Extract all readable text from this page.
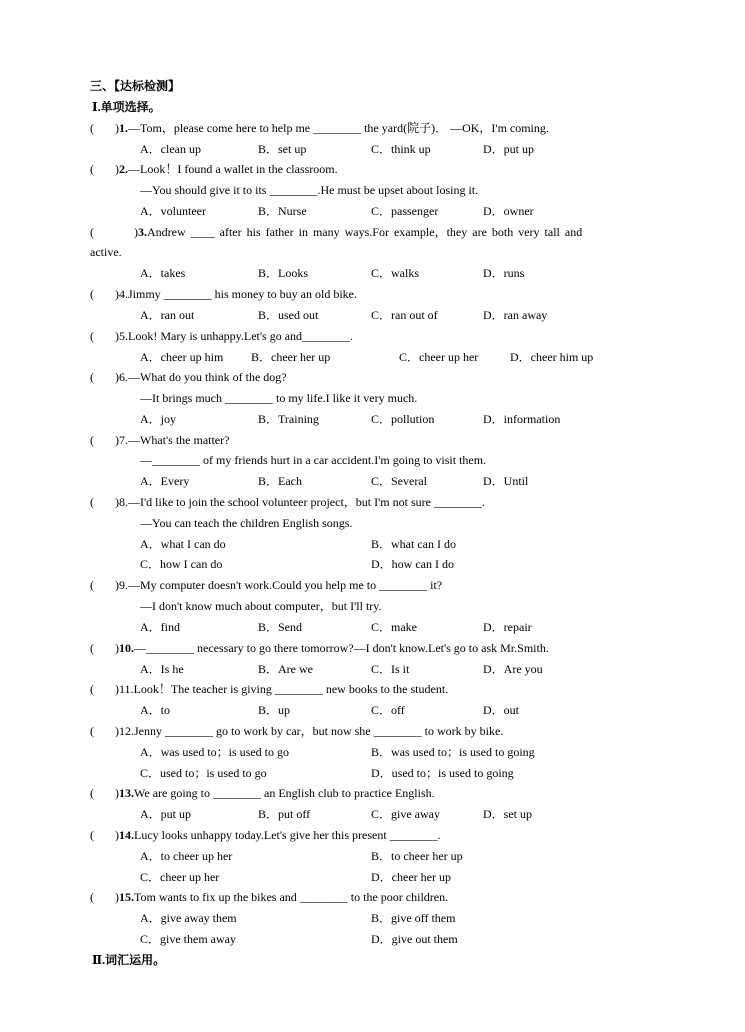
三、【达标检测】
Ⅰ.单项选择。
(       )1.—Tom，please come here to help me ________ the yard(院子)． —OK，I'm coming.
A．clean up	B．set up	C．think up	D．put up
(       )2.—Look！I found a wallet in the classroom.
—You should give it to its ________.He must be upset about losing it.
A．volunteer	B．Nurse	C．passenger	D．owner
(        )3.Andrew ____ after his father in many ways.For example，they are both very tall and
active.
A．takes	B．Looks	C．walks	D．runs
(       )4.Jimmy ________ his money to buy an old bike.
A．ran out	B．used out	C．ran out of	D．ran away
(       )5.Look! Mary is unhappy.Let's go and________.
A．cheer up him B．cheer her up	C．cheer up her	D．cheer him up
(       )6.—What do you think of the dog?
—It brings much ________ to my life.I like it very much.
A．joy	B．Training	C．pollution	D．information
(       )7.—What's the matter?
—________ of my friends hurt in a car accident.I'm going to visit them.
A．Every	B．Each	C．Several	D．Until
(       )8.—I'd like to join the school volunteer project，but I'm not sure ________.
—You can teach the children English songs.
A．what I can do	B．what can I do
C．how I can do	D．how can I do
(       )9.—My computer doesn't work.Could you help me to ________ it?
—I don't know much about computer，but I'll try.
A．find	B．Send	C．make	D．repair
(       )10.—________ necessary to go there tomorrow?—I don't know.Let's go to ask Mr.Smith.
A．Is he	B．Are we	C．Is it	D．Are you
(       )11.Look！The teacher is giving ________ new books to the student.
A．to	B．up	C．off	D．out
(       )12.Jenny ________ go to work by car，but now she ________ to work by bike.
A．was used to；is used to go	B．was used to；is used to going
C．used to；is used to go	D．used to；is used to going
(       )13.We are going to ________ an English club to practice English.
A．put up	B．put off	C．give away	D．set up
(       )14.Lucy looks unhappy today.Let's give her this present ________.
A．to cheer up her	B．to cheer her up
C．cheer up her	D．cheer her up
(       )15.Tom wants to fix up the bikes and ________ to the poor children.
A．give away them	B．give off them
C．give them away	D．give out them
Ⅱ.词汇运用。
